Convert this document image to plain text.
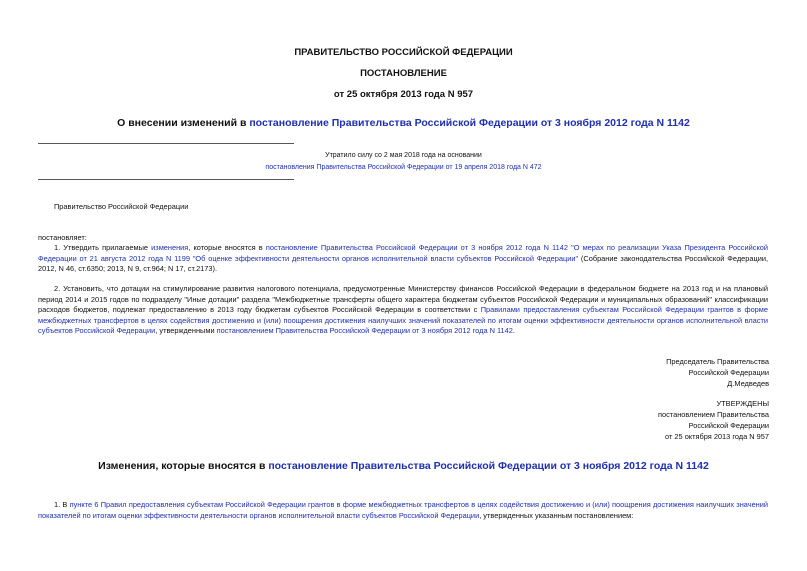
ПРАВИТЕЛЬСТВО РОССИЙСКОЙ ФЕДЕРАЦИИ
ПОСТАНОВЛЕНИЕ
от 25 октября 2013 года N 957
О внесении изменений в постановление Правительства Российской Федерации от 3 ноября 2012 года N 1142
Утратило силу со 2 мая 2018 года на основании
постановления Правительства Российской Федерации от 19 апреля 2018 года N 472
Правительство Российской Федерации
постановляет:
1. Утвердить прилагаемые изменения, которые вносятся в постановление Правительства Российской Федерации от 3 ноября 2012 года N 1142 "О мерах по реализации Указа Президента Российской Федерации от 21 августа 2012 года N 1199 "Об оценке эффективности деятельности органов исполнительной власти субъектов Российской Федерации" (Собрание законодательства Российской Федерации, 2012, N 46, ст.6350; 2013, N 9, ст.964; N 17, ст.2173).
2. Установить, что дотации на стимулирование развития налогового потенциала, предусмотренные Министерству финансов Российской Федерации в федеральном бюджете на 2013 год и на плановый период 2014 и 2015 годов по подразделу "Иные дотации" раздела "Межбюджетные трансферты общего характера бюджетам субъектов Российской Федерации и муниципальных образований" классификации расходов бюджетов, подлежат предоставлению в 2013 году бюджетам субъектов Российской Федерации в соответствии с Правилами предоставления субъектам Российской Федерации грантов в форме межбюджетных трансфертов в целях содействия достижению и (или) поощрения достижения наилучших значений показателей по итогам оценки эффективности деятельности органов исполнительной власти субъектов Российской Федерации, утвержденными постановлением Правительства Российской Федерации от 3 ноября 2012 года N 1142.
Председатель Правительства
Российской Федерации
Д.Медведев
УТВЕРЖДЕНЫ
постановлением Правительства
Российской Федерации
от 25 октября 2013 года N 957
Изменения, которые вносятся в постановление Правительства Российской Федерации от 3 ноября 2012 года N 1142
1. В пункте 6 Правил предоставления субъектам Российской Федерации грантов в форме межбюджетных трансфертов в целях содействия достижению и (или) поощрения достижения наилучших значений показателей по итогам оценки эффективности деятельности органов исполнительной власти субъектов Российской Федерации, утвержденных указанным постановлением:
